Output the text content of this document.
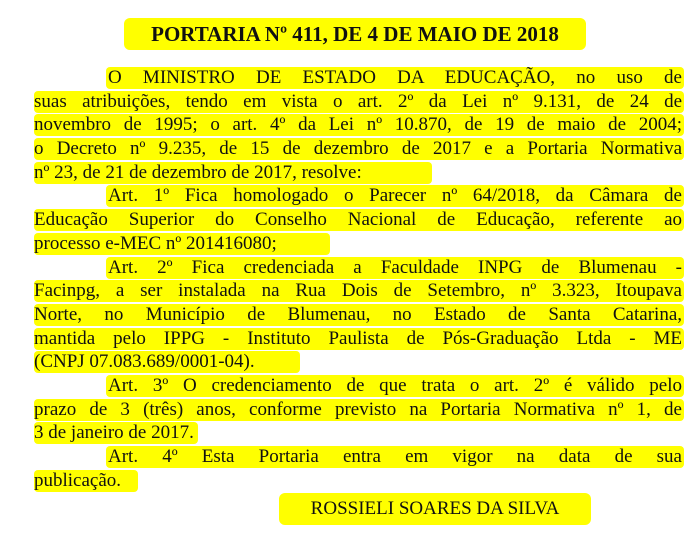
PORTARIA Nº 411, DE 4 DE MAIO DE 2018
O MINISTRO DE ESTADO DA EDUCAÇÃO, no uso de
suas atribuições, tendo em vista o art. 2º da Lei nº 9.131, de 24 de
novembro de 1995; o art. 4º da Lei nº 10.870, de 19 de maio de 2004;
o Decreto nº 9.235, de 15 de dezembro de 2017 e a Portaria Normativa
nº 23, de 21 de dezembro de 2017, resolve:
Art. 1º Fica homologado o Parecer nº 64/2018, da Câmara de
Educação Superior do Conselho Nacional de Educação, referente ao
processo e-MEC nº 201416080;
Art. 2º Fica credenciada a Faculdade INPG de Blumenau -
Facinpg, a ser instalada na Rua Dois de Setembro, nº 3.323, Itoupava
Norte, no Município de Blumenau, no Estado de Santa Catarina,
mantida pelo IPPG - Instituto Paulista de Pós-Graduação Ltda - ME
(CNPJ 07.083.689/0001-04).
Art. 3º O credenciamento de que trata o art. 2º é válido pelo
prazo de 3 (três) anos, conforme previsto na Portaria Normativa nº 1, de
3 de janeiro de 2017.
Art. 4º Esta Portaria entra em vigor na data de sua
publicação.
ROSSIELI SOARES DA SILVA
